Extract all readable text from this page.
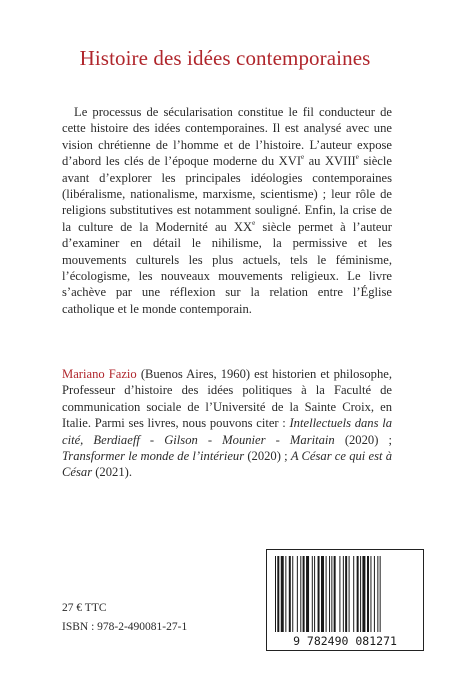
Histoire des idées contemporaines

Le processus de sécularisation constitue le fil conducteur de cette histoire des idées contemporaines. Il est analysé avec une vision chrétienne de l’homme et de l’histoire. L’auteur expose d’abord les clés de l’époque moderne du XVIe au XVIIIe siècle avant d’explorer les principales idéologies contemporaines (libéralisme, nationalisme, marxisme, scientisme) ; leur rôle de religions substitutives est notamment souligné. Enfin, la crise de la culture de la Modernité au XXe siècle permet à l’auteur d’examiner en détail le nihilisme, la permissive et les mouvements culturels les plus actuels, tels le féminisme, l’écologisme, les nouveaux mouvements religieux. Le livre s’achève par une réflexion sur la relation entre l’Église catholique et le monde contemporain.

Mariano Fazio (Buenos Aires, 1960) est historien et philosophe, Professeur d’histoire des idées politiques à la Faculté de communication sociale de l’Université de la Sainte Croix, en Italie. Parmi ses livres, nous pouvons citer : Intellectuels dans la cité, Berdiaeff - Gilson - Mounier - Maritain (2020) ; Transformer le monde de l’intérieur (2020) ; A César ce qui est à César (2021).

27 € TTC
ISBN : 978-2-490081-27-1
9 782490 081271
